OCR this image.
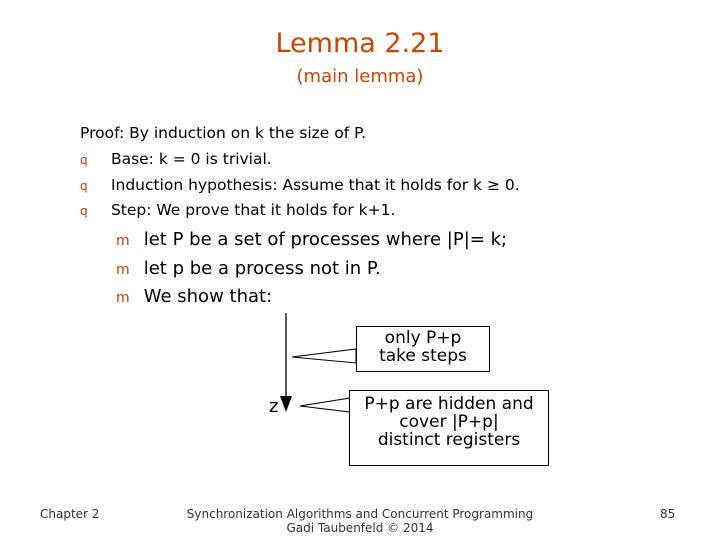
Lemma 2.21
(main lemma)
Proof: By induction on k the size of P.
q Base: k = 0 is trivial.
q Induction hypothesis: Assume that it holds for k ≥ 0.
q Step: We prove that it holds for k+1.
m let P be a set of processes where |P|= k;
m let p be a process not in P.
m We show that:
z
only P+p
take steps
P+p are hidden and
cover |P+p|
distinct registers
Chapter 2	Synchronization Algorithms and Concurrent Programming
Gadi Taubenfeld © 2014
85
